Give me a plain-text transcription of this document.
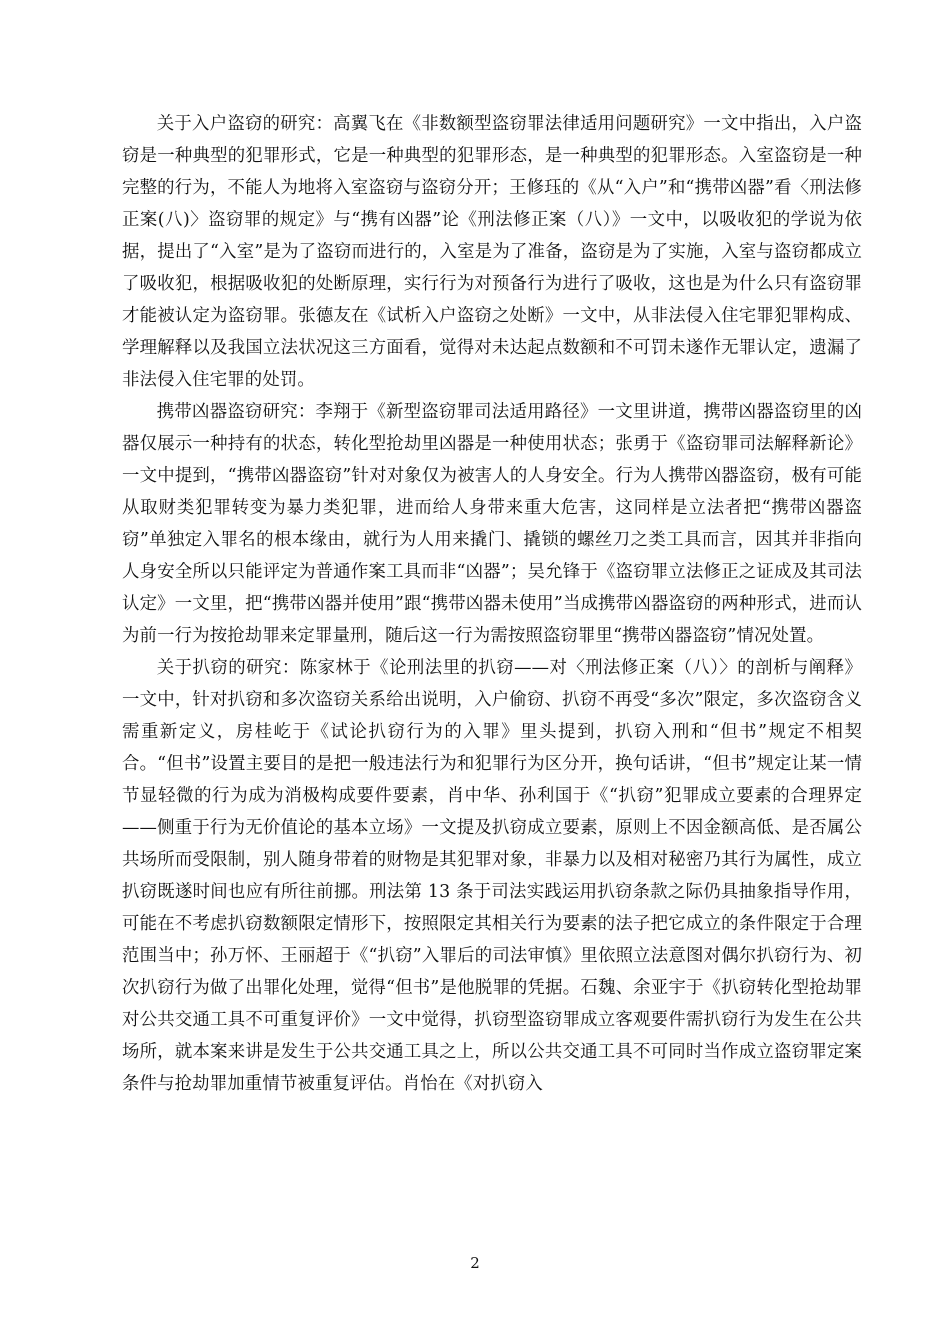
关于入户盗窃的研究：高翼飞在《非数额型盗窃罪法律适用问题研究》一文中指出，入户盗窃是一种典型的犯罪形式，它是一种典型的犯罪形态，是一种典型的犯罪形态。入室盗窃是一种完整的行为，不能人为地将入室盗窃与盗窃分开；王修珏的《从“入户”和“携带凶器”看〈刑法修正案(八)〉盗窃罪的规定》与“携有凶器”论《刑法修正案（八）》一文中，以吸收犯的学说为依据，提出了“入室”是为了盗窃而进行的，入室是为了准备，盗窃是为了实施，入室与盗窃都成立了吸收犯，根据吸收犯的处断原理，实行行为对预备行为进行了吸收，这也是为什么只有盗窃罪才能被认定为盗窃罪。张德友在《试析入户盗窃之处断》一文中，从非法侵入住宅罪犯罪构成、学理解释以及我国立法状况这三方面看，觉得对未达起点数额和不可罚未遂作无罪认定，遗漏了非法侵入住宅罪的处罚。

携带凶器盗窃研究：李翔于《新型盗窃罪司法适用路径》一文里讲道，携带凶器盗窃里的凶器仅展示一种持有的状态，转化型抢劫里凶器是一种使用状态；张勇于《盗窃罪司法解释新论》一文中提到，“携带凶器盗窃”针对对象仅为被害人的人身安全。行为人携带凶器盗窃，极有可能从取财类犯罪转变为暴力类犯罪，进而给人身带来重大危害，这同样是立法者把“携带凶器盗窃”单独定入罪名的根本缘由，就行为人用来撬门、撬锁的螺丝刀之类工具而言，因其并非指向人身安全所以只能评定为普通作案工具而非“凶器”；吴允锋于《盗窃罪立法修正之证成及其司法认定》一文里，把“携带凶器并使用”跟“携带凶器未使用”当成携带凶器盗窃的两种形式，进而认为前一行为按抢劫罪来定罪量刑，随后这一行为需按照盗窃罪里“携带凶器盗窃”情况处置。

关于扒窃的研究：陈家林于《论刑法里的扒窃——对〈刑法修正案（八）〉的剖析与阐释》一文中，针对扒窃和多次盗窃关系给出说明，入户偷窃、扒窃不再受“多次”限定，多次盗窃含义需重新定义，房桂屹于《试论扒窃行为的入罪》里头提到，扒窃入刑和“但书”规定不相契合。“但书”设置主要目的是把一般违法行为和犯罪行为区分开，换句话讲，“但书”规定让某一情节显轻微的行为成为消极构成要件要素，肖中华、孙利国于《“扒窃”犯罪成立要素的合理界定——侧重于行为无价值论的基本立场》一文提及扒窃成立要素，原则上不因金额高低、是否属公共场所而受限制，别人随身带着的财物是其犯罪对象，非暴力以及相对秘密乃其行为属性，成立扒窃既遂时间也应有所往前挪。刑法第 13 条于司法实践运用扒窃条款之际仍具抽象指导作用，可能在不考虑扒窃数额限定情形下，按照限定其相关行为要素的法子把它成立的条件限定于合理范围当中；孙万怀、王丽超于《“扒窃”入罪后的司法审慎》里依照立法意图对偶尔扒窃行为、初次扒窃行为做了出罪化处理，觉得“但书”是他脱罪的凭据。石魏、余亚宇于《扒窃转化型抢劫罪对公共交通工具不可重复评价》一文中觉得，扒窃型盗窃罪成立客观要件需扒窃行为发生在公共场所，就本案来讲是发生于公共交通工具之上，所以公共交通工具不可同时当作成立盗窃罪定案条件与抢劫罪加重情节被重复评估。肖怡在《对扒窃入

2
